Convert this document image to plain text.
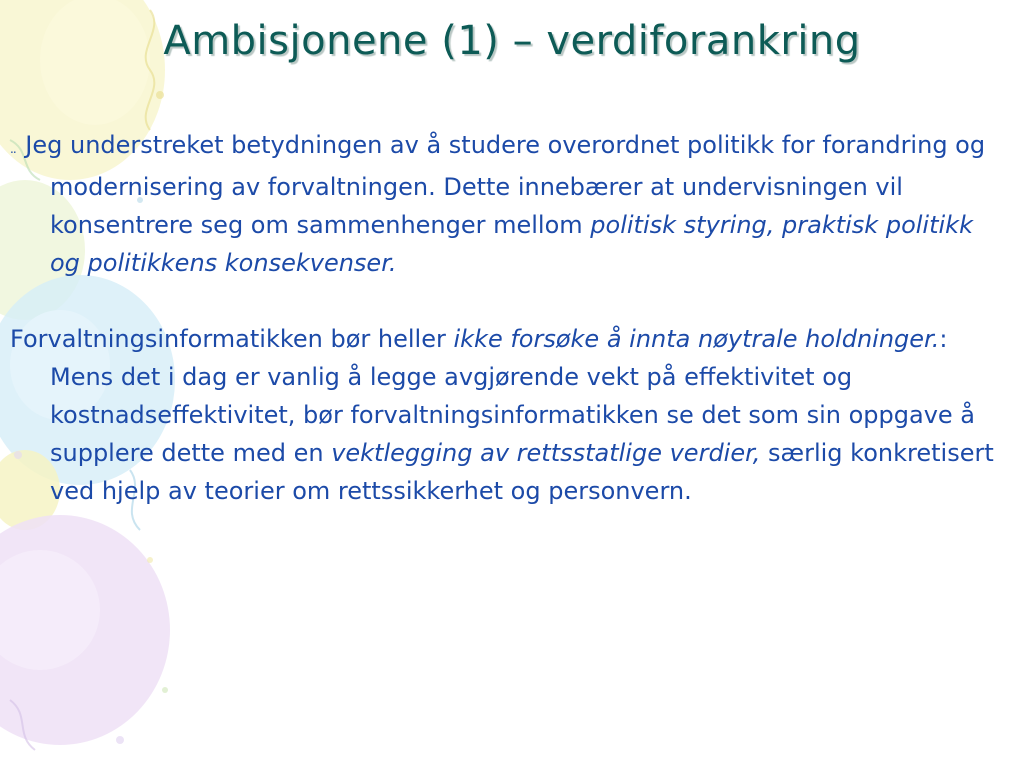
Ambisjonene (1) – verdiforankring

.. Jeg understreket betydningen av å studere overordnet politikk for forandring og modernisering av forvaltningen. Dette innebærer at undervisningen vil konsentrere seg om sammenhenger mellom politisk styring, praktisk politikk og politikkens konsekvenser.

Forvaltningsinformatikken bør heller ikke forsøke å innta nøytrale holdninger.: Mens det i dag er vanlig å legge avgjørende vekt på effektivitet og kostnadseffektivitet, bør forvaltningsinformatikken se det som sin oppgave å supplere dette med en vektlegging av rettsstatlige verdier, særlig konkretisert ved hjelp av teorier om rettssikkerhet og personvern.
